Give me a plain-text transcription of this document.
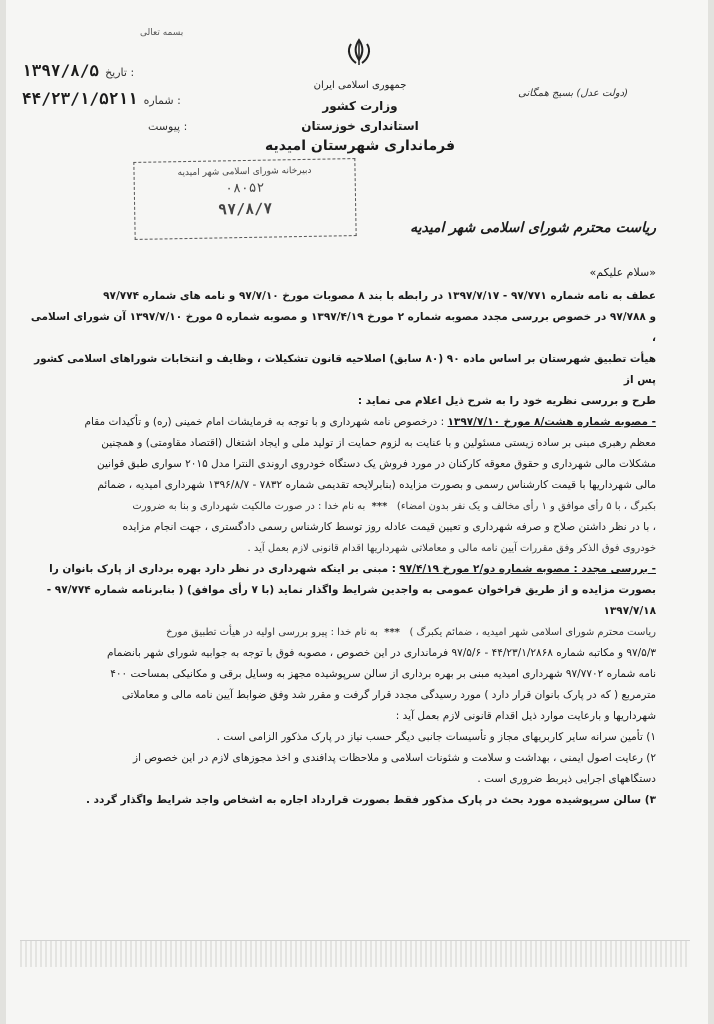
بسمه تعالی
(دولت عدل) بسیج همگانی
جمهوری اسلامی ایران
وزارت کشور
استانداری خوزستان
فرمانداری شهرستان امیدیه
۱۳۹۷/۸/۵ تاریخ :
۴۴/۲۳/۱/۵۲۱۱ شماره :
پیوست :
دبیرخانه شورای اسلامی شهر امیدیه
۰۸۰۵۲
۹۷/۸/۷
ریاست محترم شورای اسلامی شهر امیدیه
«سلام علیکم»

عطف به نامه شماره ۹۷/۷۷۱ - ۱۳۹۷/۷/۱۷ در رابطه با بند ۸ مصوبات مورخ ۹۷/۷/۱۰ و نامه های شماره ۹۷/۷۷۴

و ۹۷/۷۸۸ در خصوص بررسی مجدد مصوبه شماره ۲ مورخ ۱۳۹۷/۴/۱۹ و مصوبه شماره ۵ مورخ ۱۳۹۷/۷/۱۰ آن شورای اسلامی ،

هیأت تطبیق شهرستان بر اساس ماده ۹۰ (۸۰ سابق) اصلاحیه قانون تشکیلات ، وظایف و انتخابات شوراهای اسلامی کشور پس از

طرح و بررسی نظریه خود را به شرح ذیل اعلام می نماید :

- مصوبه شماره هشت/۸ مورخ ۱۳۹۷/۷/۱۰ : درخصوص نامه شهرداری و با توجه به فرمایشات امام خمینی (ره) و تأکیدات مقام

معظم رهبری مبنی بر ساده زیستی مسئولین و با عنایت به لزوم حمایت از تولید ملی و ایجاد اشتغال (اقتصاد مقاومتی) و همچنین

مشکلات مالی شهرداری و حقوق معوقه کارکنان در مورد فروش یک دستگاه خودروی اروندی النترا مدل ۲۰۱۵ سواری طبق قوانین

مالی شهرداریها با قیمت کارشناس رسمی و بصورت مزایده (بنابرلایحه تقدیمی شماره ۷۸۳۲ - ۱۳۹۶/۸/۷ شهرداری امیدیه ، ضمائم

بکبرگ ، با ۵ رأی موافق و ۱ رأی مخالف و یک نفر بدون امضاء)   ***  به نام خدا : در صورت مالکیت شهرداری و بنا به ضرورت

، با در نظر داشتن صلاح و صرفه شهرداری و تعیین قیمت عادله روز توسط کارشناس رسمی دادگستری ، جهت انجام مزایده

خودروی فوق الذکر وفق مقررات آیین نامه مالی و معاملاتی شهرداریها اقدام قانونی لازم بعمل آید .

- بررسی مجدد : مصوبه شماره دو/۲ مورخ ۹۷/۴/۱۹ : مبنی بر اینکه شهرداری در نظر دارد بهره برداری از پارک بانوان را

بصورت مزایده و از طریق فراخوان عمومی به واجدین شرایط واگذار نماید (با ۷ رأی موافق) ( بنابرنامه شماره ۹۷/۷۷۴ - ۱۳۹۷/۷/۱۸

ریاست محترم شورای اسلامی شهر امیدیه ، ضمائم یکبرگ )   ***  به نام خدا : پیرو بررسی اولیه در هیأت تطبیق مورخ

۹۷/۵/۳ و مکاتبه شماره ۴۴/۲۳/۱/۲۸۶۸ - ۹۷/۵/۶ فرمانداری در این خصوص ، مصوبه فوق با توجه به جوابیه شورای شهر بانضمام

نامه شماره ۹۷/۷۷۰۲ شهرداری امیدیه مبنی بر بهره برداری از سالن سرپوشیده مجهز به وسایل برقی و مکانیکی بمساحت ۴۰۰

مترمربع ( که در پارک بانوان قرار دارد ) مورد رسیدگی مجدد قرار گرفت و مقرر شد وفق ضوابط آیین نامه مالی و معاملاتی

شهرداریها و بارعایت موارد ذیل اقدام قانونی لازم بعمل آید :

۱) تأمین سرانه سایر کاربریهای مجاز و تأسیسات جانبی دیگر حسب نیاز در پارک مذکور الزامی است .

۲) رعایت اصول ایمنی ، بهداشت و سلامت و شئونات اسلامی و ملاحظات پدافندی و اخذ مجوزهای لازم در این خصوص از

دستگاههای اجرایی ذیربط ضروری است .

۳) سالن سرپوشیده مورد بحث در پارک مذکور فقط بصورت قرارداد اجاره به اشخاص واجد شرایط واگذار گردد .
